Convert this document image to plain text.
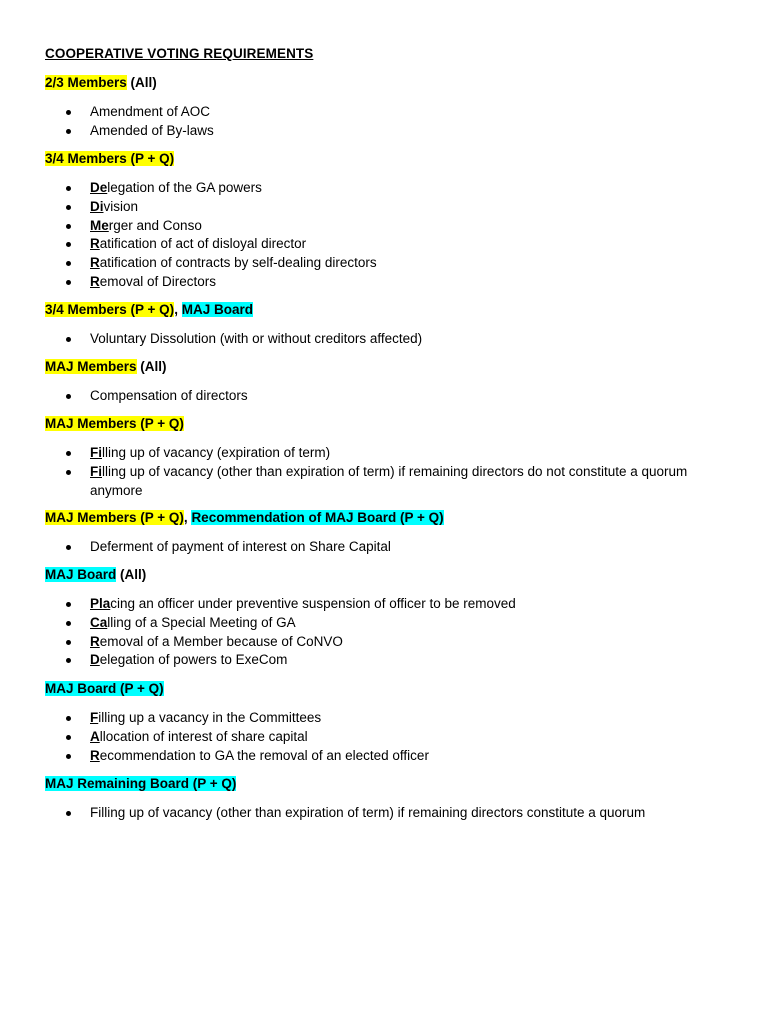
COOPERATIVE VOTING REQUIREMENTS
2/3 Members (All)
Amendment of AOC
Amended of By-laws
3/4 Members (P + Q)
Delegation of the GA powers
Division
Merger and Conso
Ratification of act of disloyal director
Ratification of contracts by self-dealing directors
Removal of Directors
3/4 Members (P + Q), MAJ Board
Voluntary Dissolution (with or without creditors affected)
MAJ Members (All)
Compensation of directors
MAJ Members (P + Q)
Filling up of vacancy (expiration of term)
Filling up of vacancy (other than expiration of term) if remaining directors do not constitute a quorum anymore
MAJ Members (P + Q), Recommendation of MAJ Board (P + Q)
Deferment of payment of interest on Share Capital
MAJ Board (All)
Placing an officer under preventive suspension of officer to be removed
Calling of a Special Meeting of GA
Removal of a Member because of CoNVO
Delegation of powers to ExeCom
MAJ Board (P + Q)
Filling up a vacancy in the Committees
Allocation of interest of share capital
Recommendation to GA the removal of an elected officer
MAJ Remaining Board (P + Q)
Filling up of vacancy (other than expiration of term) if remaining directors constitute a quorum
